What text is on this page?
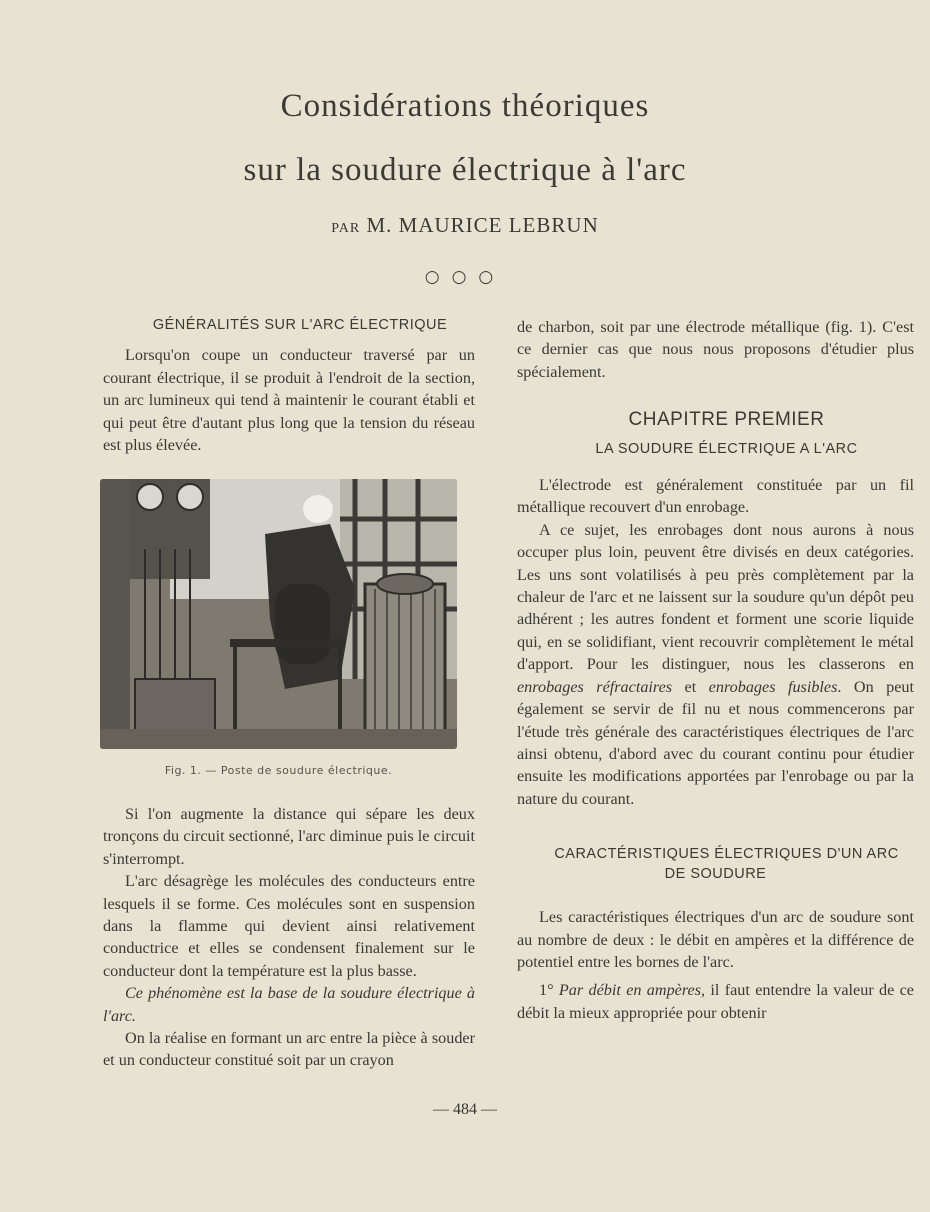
Considérations théoriques
sur la soudure électrique à l'arc
PAR M. MAURICE LEBRUN
○○○

GÉNÉRALITÉS SUR L'ARC ÉLECTRIQUE

Lorsqu'on coupe un conducteur traversé par un courant électrique, il se produit à l'endroit de la section, un arc lumineux qui tend à maintenir le courant établi et qui peut être d'autant plus long que la tension du réseau est plus élevée.

Fig. 1. — Poste de soudure électrique.

Si l'on augmente la distance qui sépare les deux tronçons du circuit sectionné, l'arc diminue puis le circuit s'interrompt.

L'arc désagrège les molécules des conducteurs entre lesquels il se forme. Ces molécules sont en suspension dans la flamme qui devient ainsi relativement conductrice et elles se condensent finalement sur le conducteur dont la température est la plus basse.

Ce phénomène est la base de la soudure électrique à l'arc.

On la réalise en formant un arc entre la pièce à souder et un conducteur constitué soit par un crayon

de charbon, soit par une électrode métallique (fig. 1). C'est ce dernier cas que nous nous proposons d'étudier plus spécialement.

CHAPITRE PREMIER

LA SOUDURE ÉLECTRIQUE A L'ARC

L'électrode est généralement constituée par un fil métallique recouvert d'un enrobage.

A ce sujet, les enrobages dont nous aurons à nous occuper plus loin, peuvent être divisés en deux catégories. Les uns sont volatilisés à peu près complètement par la chaleur de l'arc et ne laissent sur la soudure qu'un dépôt peu adhérent ; les autres fondent et forment une scorie liquide qui, en se solidifiant, vient recouvrir complètement le métal d'apport. Pour les distinguer, nous les classerons en enrobages réfractaires et enrobages fusibles. On peut également se servir de fil nu et nous commencerons par l'étude très générale des caractéristiques électriques de l'arc ainsi obtenu, d'abord avec du courant continu pour étudier ensuite les modifications apportées par l'enrobage ou par la nature du courant.

CARACTÉRISTIQUES ÉLECTRIQUES D'UN ARC
DE SOUDURE

Les caractéristiques électriques d'un arc de soudure sont au nombre de deux : le débit en ampères et la différence de potentiel entre les bornes de l'arc.

1° Par débit en ampères, il faut entendre la valeur de ce débit la mieux appropriée pour obtenir

— 484 —
